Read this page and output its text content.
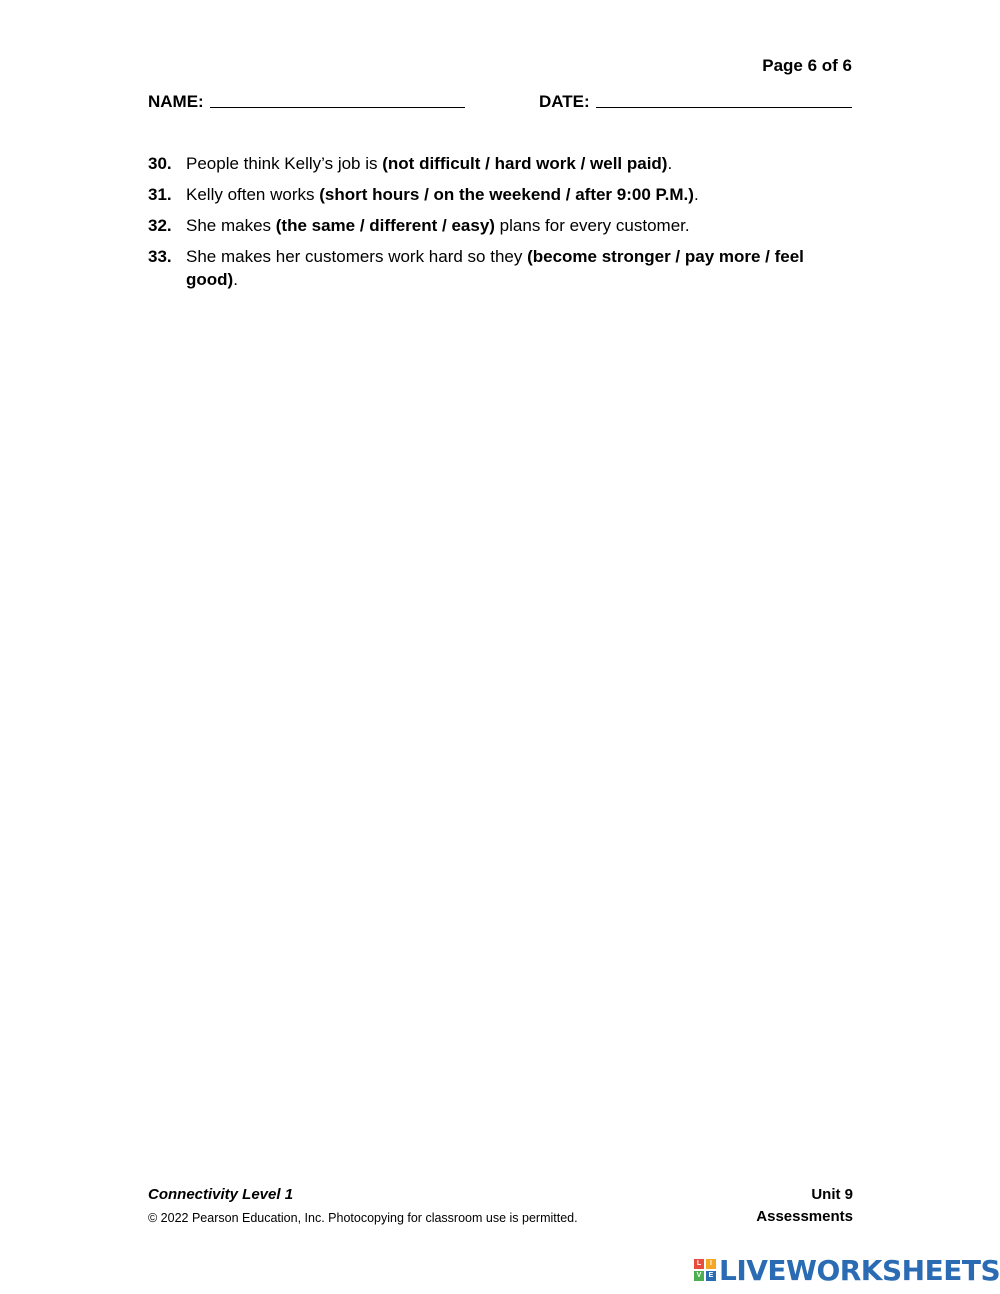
Page 6 of 6
NAME:	DATE:
30. People think Kelly’s job is (not difficult / hard work / well paid).
31. Kelly often works (short hours / on the weekend / after 9:00 P.M.).
32. She makes (the same / different / easy) plans for every customer.
33. She makes her customers work hard so they (become stronger / pay more / feel good).
Connectivity Level 1
© 2022 Pearson Education, Inc. Photocopying for classroom use is permitted.
Unit 9
Assessments
L	I
V	E LIVEWORKSHEETS
